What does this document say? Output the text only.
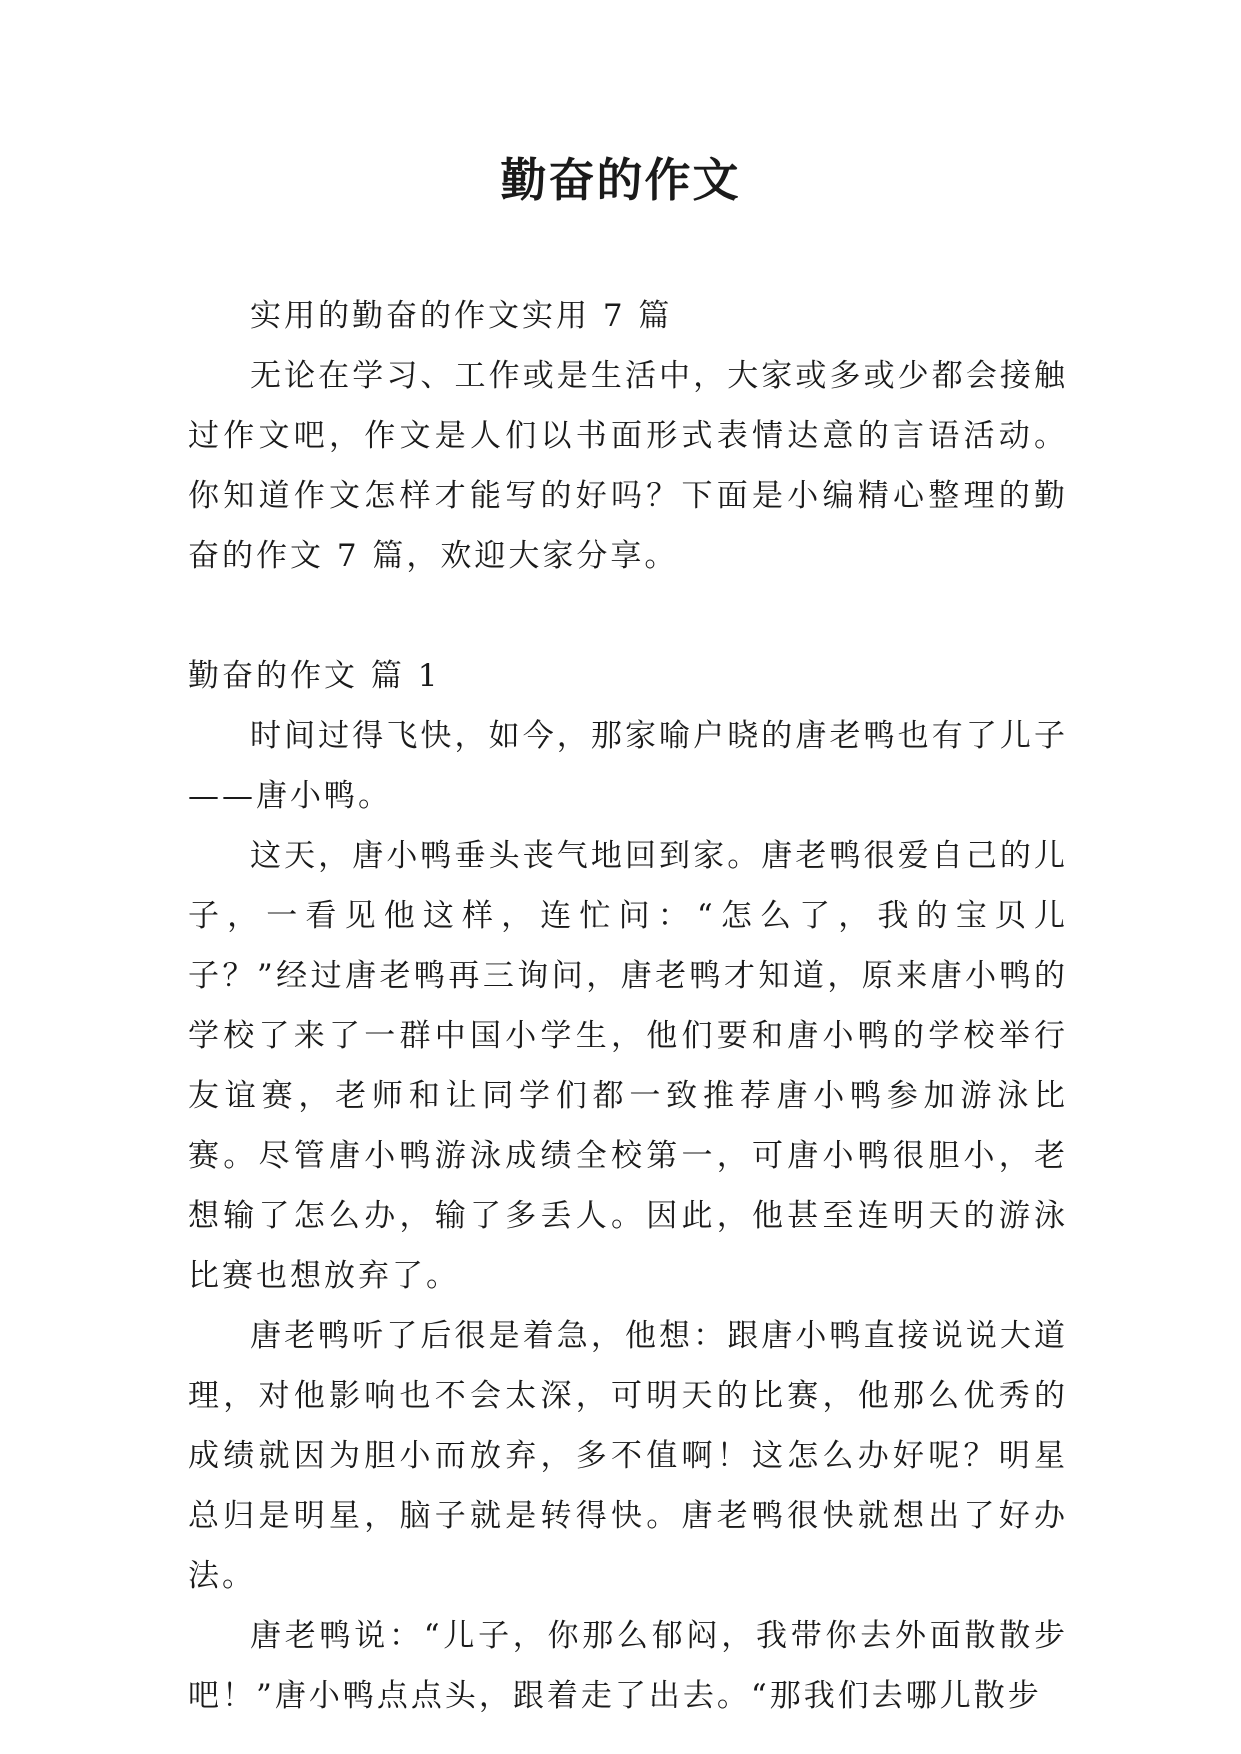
勤奋的作文

实用的勤奋的作文实用 7 篇

无论在学习、工作或是生活中，大家或多或少都会接触过作文吧，作文是人们以书面形式表情达意的言语活动。你知道作文怎样才能写的好吗？下面是小编精心整理的勤奋的作文 7 篇，欢迎大家分享。

勤奋的作文 篇 1

时间过得飞快，如今，那家喻户晓的唐老鸭也有了儿子——唐小鸭。

这天，唐小鸭垂头丧气地回到家。唐老鸭很爱自己的儿子，一看见他这样，连忙问：“怎么了，我的宝贝儿子？”经过唐老鸭再三询问，唐老鸭才知道，原来唐小鸭的学校了来了一群中国小学生，他们要和唐小鸭的学校举行友谊赛，老师和让同学们都一致推荐唐小鸭参加游泳比赛。尽管唐小鸭游泳成绩全校第一，可唐小鸭很胆小，老想输了怎么办，输了多丢人。因此，他甚至连明天的游泳比赛也想放弃了。

唐老鸭听了后很是着急，他想：跟唐小鸭直接说说大道理，对他影响也不会太深，可明天的比赛，他那么优秀的成绩就因为胆小而放弃，多不值啊！这怎么办好呢？明星总归是明星，脑子就是转得快。唐老鸭很快就想出了好办法。

唐老鸭说：“儿子，你那么郁闷，我带你去外面散散步吧！”唐小鸭点点头，跟着走了出去。“那我们去哪儿散步
